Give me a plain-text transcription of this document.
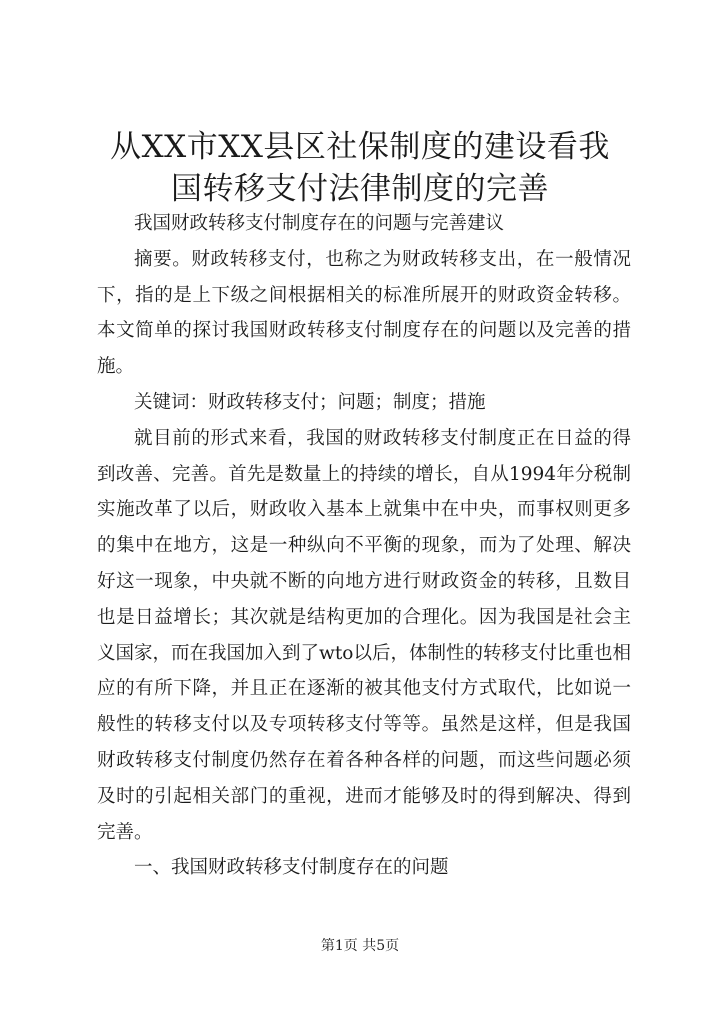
从XX市XX县区社保制度的建设看我国转移支付法律制度的完善

我国财政转移支付制度存在的问题与完善建议

摘要。财政转移支付，也称之为财政转移支出，在一般情况下，指的是上下级之间根据相关的标准所展开的财政资金转移。本文简单的探讨我国财政转移支付制度存在的问题以及完善的措施。

关键词：财政转移支付；问题；制度；措施

就目前的形式来看，我国的财政转移支付制度正在日益的得到改善、完善。首先是数量上的持续的增长，自从1994年分税制实施改革了以后，财政收入基本上就集中在中央，而事权则更多的集中在地方，这是一种纵向不平衡的现象，而为了处理、解决好这一现象，中央就不断的向地方进行财政资金的转移，且数目也是日益增长；其次就是结构更加的合理化。因为我国是社会主义国家，而在我国加入到了wto以后，体制性的转移支付比重也相应的有所下降，并且正在逐渐的被其他支付方式取代，比如说一般性的转移支付以及专项转移支付等等。虽然是这样，但是我国财政转移支付制度仍然存在着各种各样的问题，而这些问题必须及时的引起相关部门的重视，进而才能够及时的得到解决、得到完善。

一、我国财政转移支付制度存在的问题

第1页 共5页
